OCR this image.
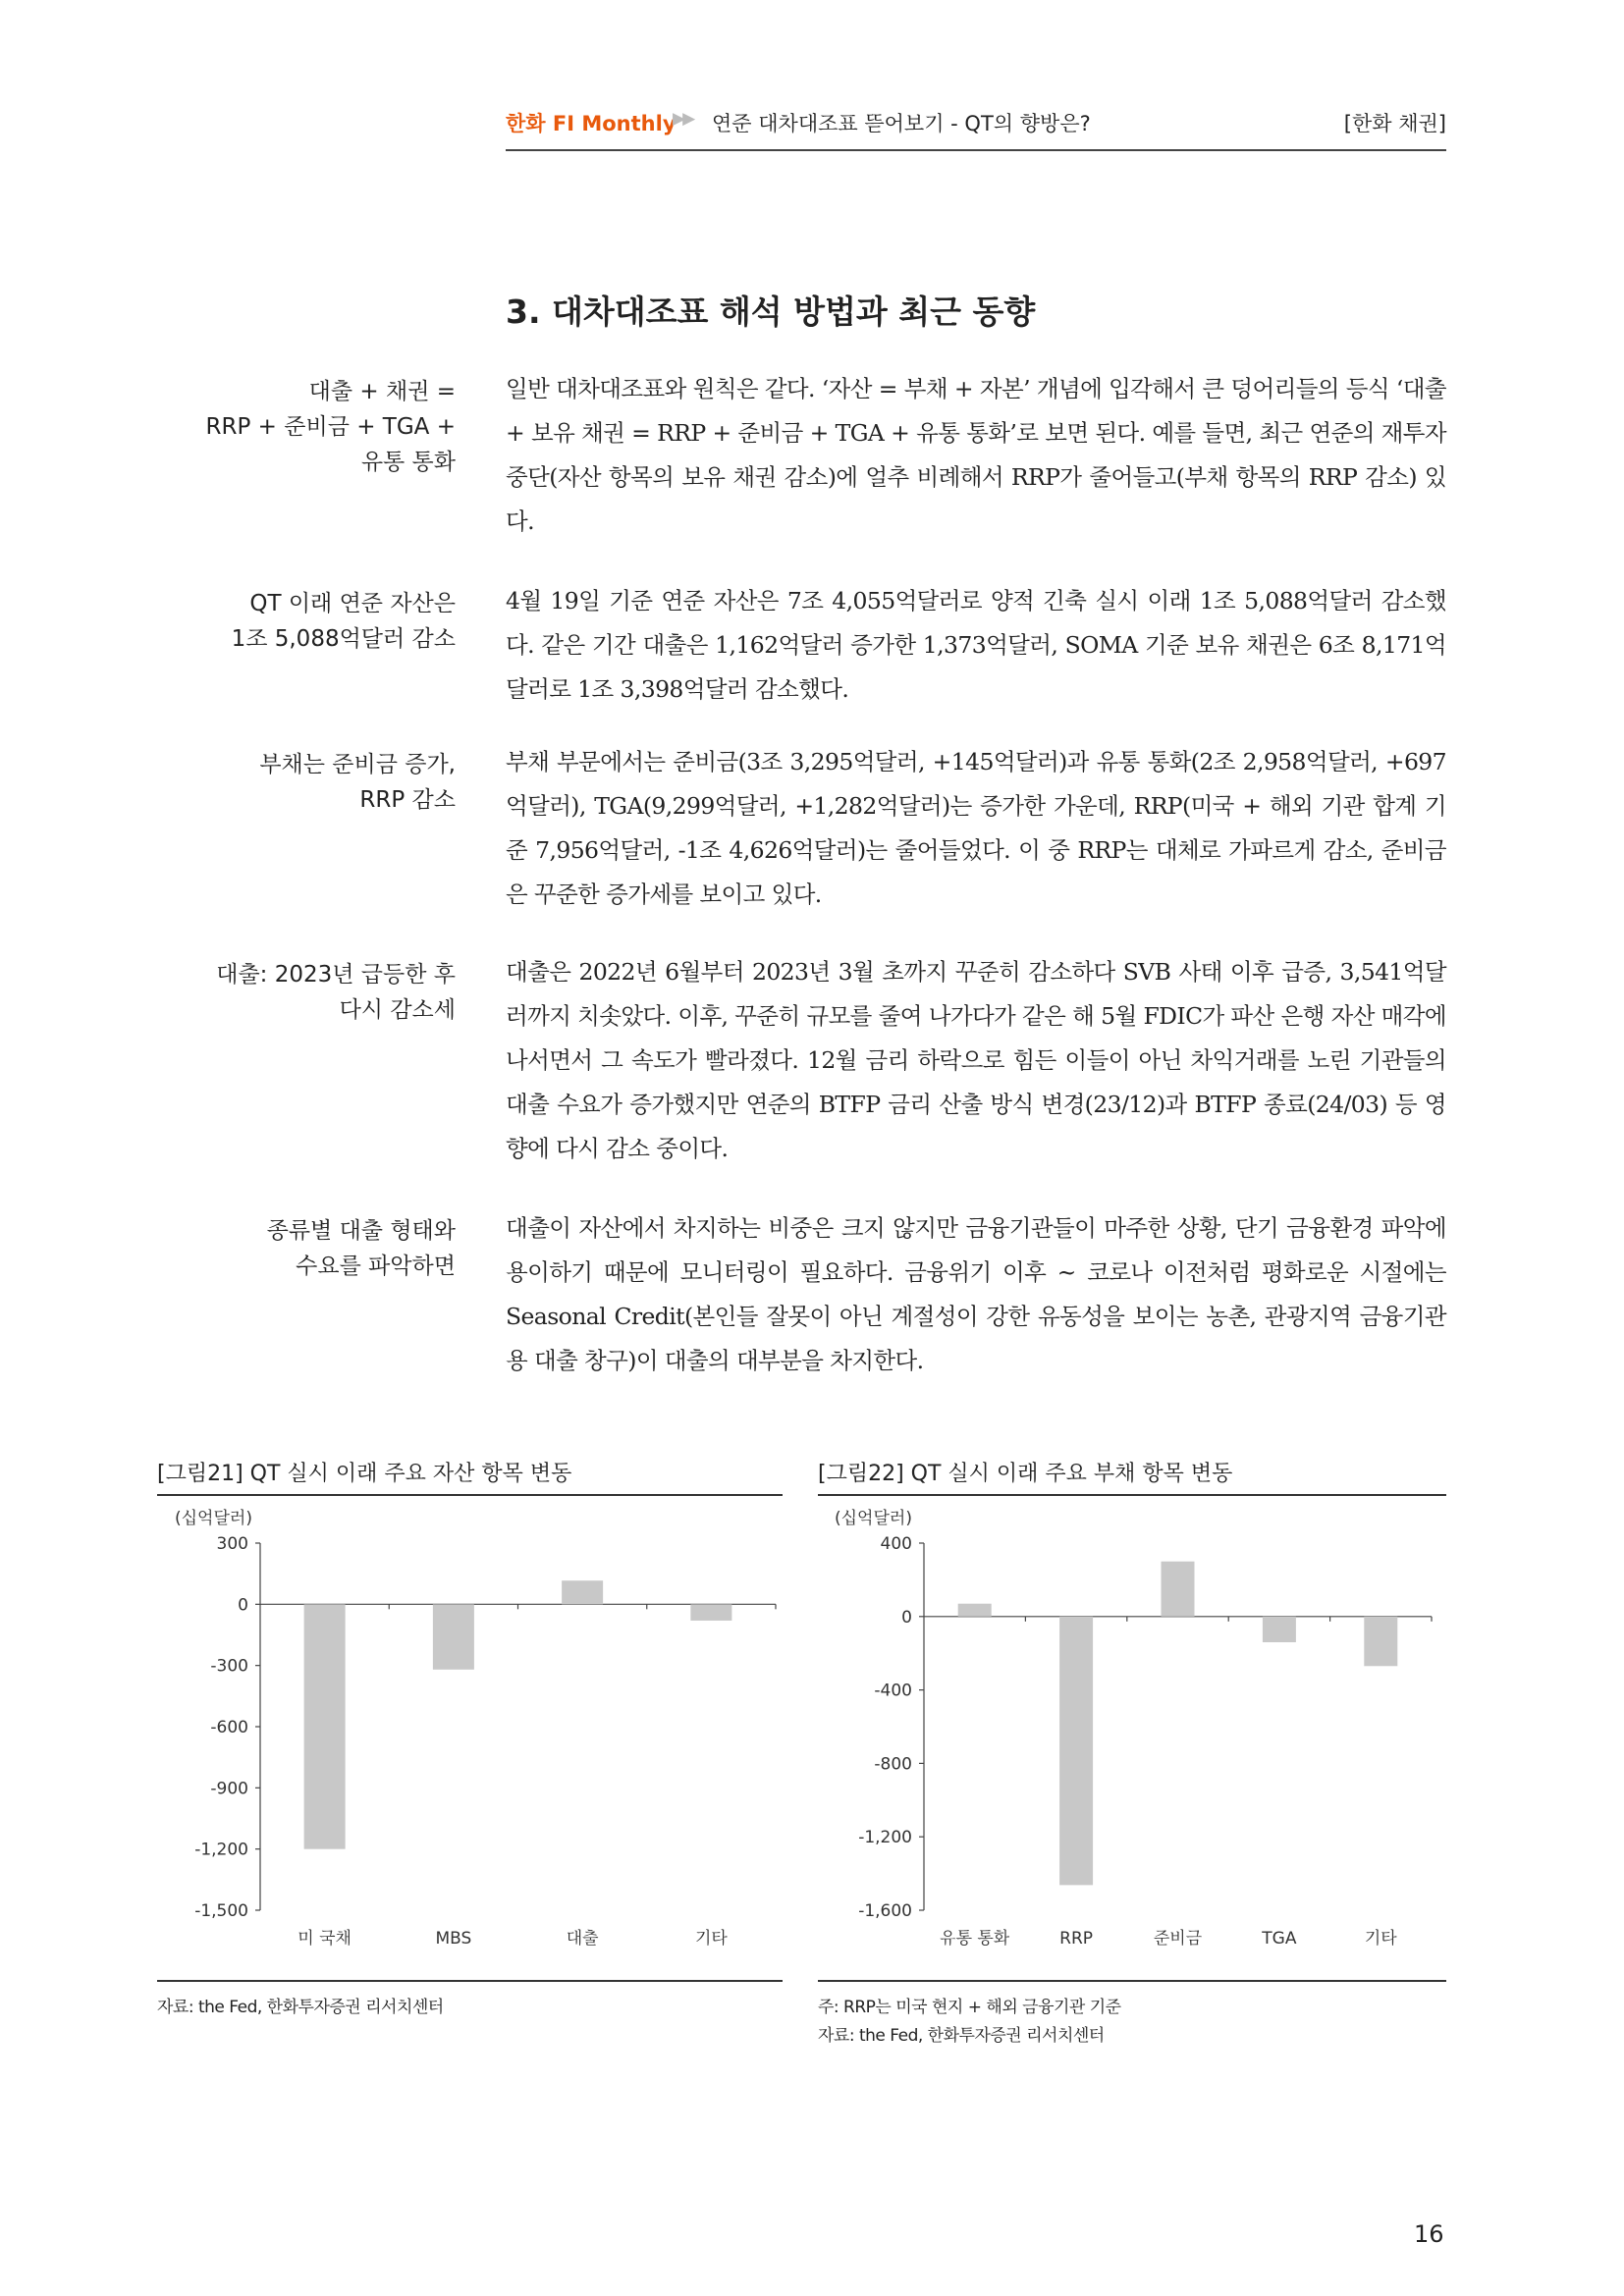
한화 FI Monthly
▶▶ 연준 대차대조표 뜯어보기 - QT의 향방은?	[한화 채권]
3. 대차대조표 해석 방법과 최근 동향
대출 + 채권 =
RRP + 준비금 + TGA +
유통 통화
일반 대차대조표와 원칙은 같다. ‘자산 = 부채 + 자본’ 개념에 입각해서 큰 덩어리들의 등식 ‘대출 + 보유 채권 = RRP + 준비금 + TGA + 유통 통화’로 보면 된다. 예를 들면, 최근 연준의 재투자 중단(자산 항목의 보유 채권 감소)에 얼추 비례해서 RRP가 줄어들고(부채 항목의 RRP 감소) 있다.
QT 이래 연준 자산은
1조 5,088억달러 감소
4월 19일 기준 연준 자산은 7조 4,055억달러로 양적 긴축 실시 이래 1조 5,088억달러 감소했다. 같은 기간 대출은 1,162억달러 증가한 1,373억달러, SOMA 기준 보유 채권은 6조 8,171억달러로 1조 3,398억달러 감소했다.
부채는 준비금 증가,
RRP 감소
부채 부문에서는 준비금(3조 3,295억달러, +145억달러)과 유통 통화(2조 2,958억달러, +697억달러), TGA(9,299억달러, +1,282억달러)는 증가한 가운데, RRP(미국 + 해외 기관 합계 기준 7,956억달러, -1조 4,626억달러)는 줄어들었다. 이 중 RRP는 대체로 가파르게 감소, 준비금은 꾸준한 증가세를 보이고 있다.
대출: 2023년 급등한 후
다시 감소세
대출은 2022년 6월부터 2023년 3월 초까지 꾸준히 감소하다 SVB 사태 이후 급증, 3,541억달러까지 치솟았다. 이후, 꾸준히 규모를 줄여 나가다가 같은 해 5월 FDIC가 파산 은행 자산 매각에 나서면서 그 속도가 빨라졌다. 12월 금리 하락으로 힘든 이들이 아닌 차익거래를 노린 기관들의 대출 수요가 증가했지만 연준의 BTFP 금리 산출 방식 변경(23/12)과 BTFP 종료(24/03) 등 영향에 다시 감소 중이다.
종류별 대출 형태와
수요를 파악하면
대출이 자산에서 차지하는 비중은 크지 않지만 금융기관들이 마주한 상황, 단기 금융환경 파악에 용이하기 때문에 모니터링이 필요하다. 금융위기 이후 ~ 코로나 이전처럼 평화로운 시절에는 Seasonal Credit(본인들 잘못이 아닌 계절성이 강한 유동성을 보이는 농촌, 관광지역 금융기관용 대출 창구)이 대출의 대부분을 차지한다.
[그림21] QT 실시 이래 주요 자산 항목 변동
(십억달러)
300
0
-300
-600
-900
-1,200
-1,500
미 국채	MBS	대출	기타
자료: the Fed, 한화투자증권 리서치센터
[그림22] QT 실시 이래 주요 부채 항목 변동
(십억달러)
400
0
-400
-800
-1,200
-1,600
유통 통화	RRP	준비금	TGA	기타
주: RRP는 미국 현지 + 해외 금융기관 기준
자료: the Fed, 한화투자증권 리서치센터
16
